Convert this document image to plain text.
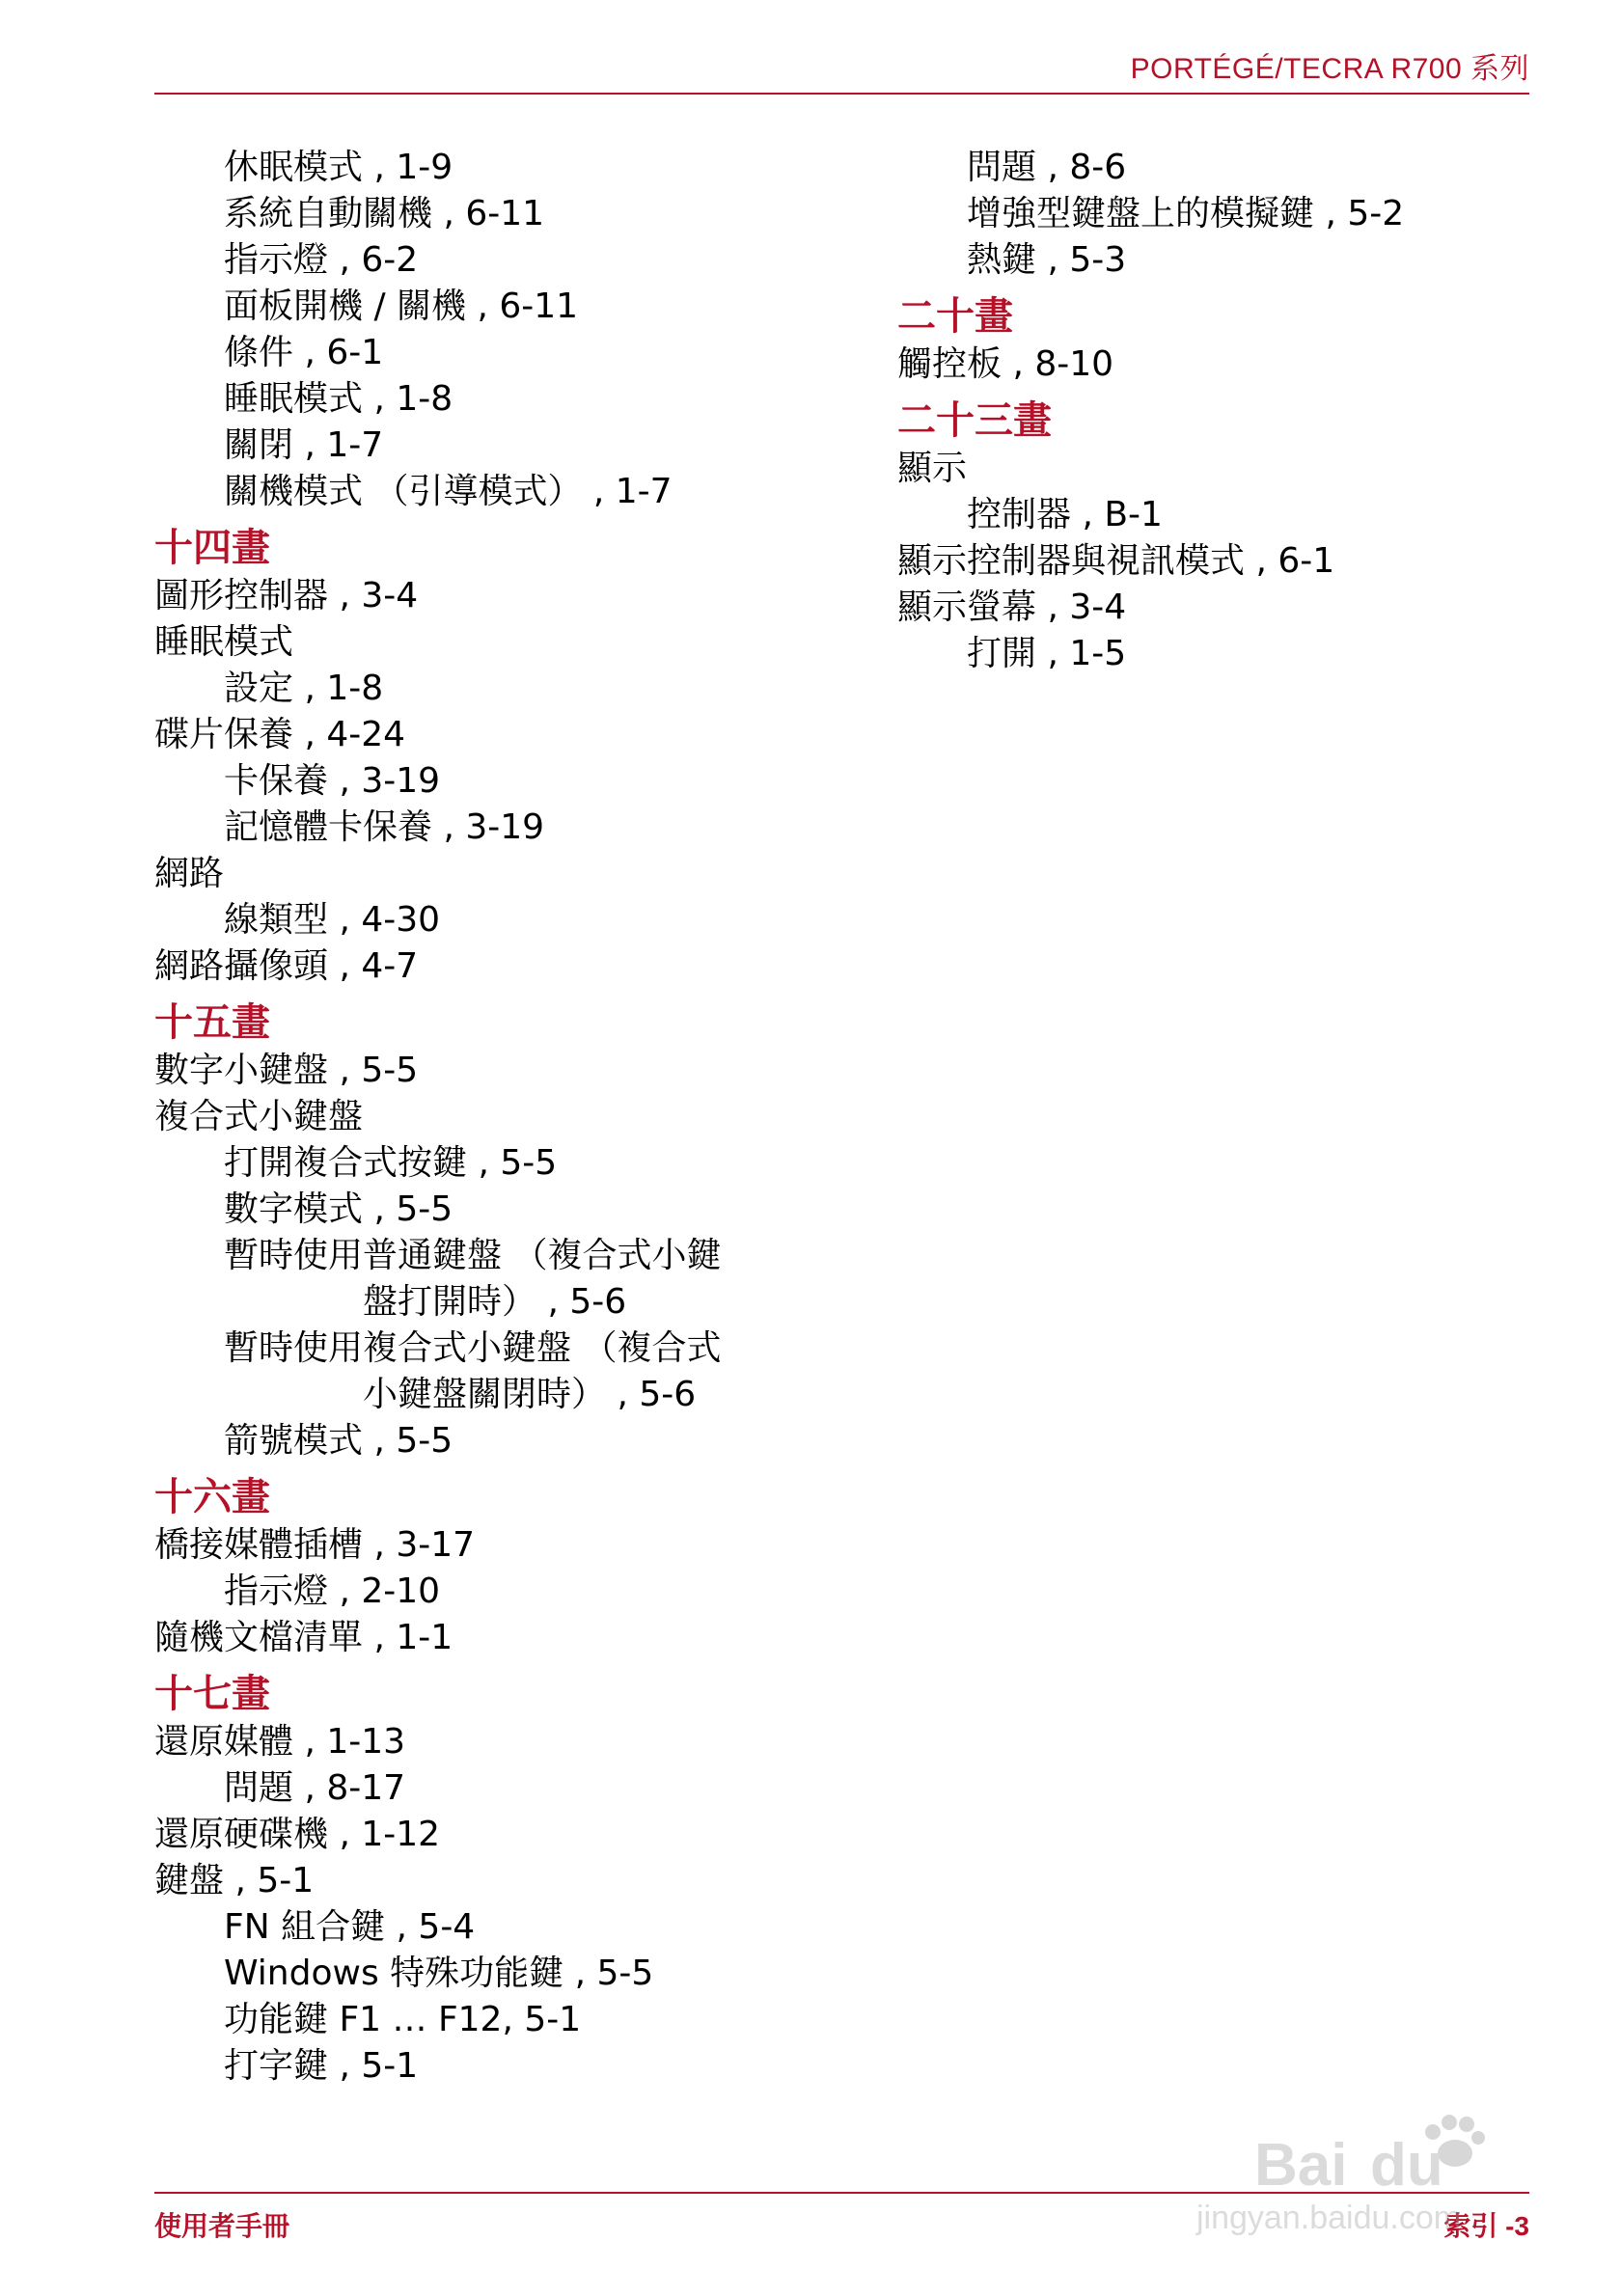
PORTÉGÉ/TECRA R700 系列
休眠模式 , 1-9
系統自動關機 , 6-11
指示燈 , 6-2
面板開機 / 關機 , 6-11
條件 , 6-1
睡眠模式 , 1-8
關閉 , 1-7
關機模式 （引導模式） , 1-7
十四畫
圖形控制器 , 3-4
睡眠模式
設定 , 1-8
碟片保養 , 4-24
卡保養 , 3-19
記憶體卡保養 , 3-19
網路
線類型 , 4-30
網路攝像頭 , 4-7
十五畫
數字小鍵盤 , 5-5
複合式小鍵盤
打開複合式按鍵 , 5-5
數字模式 , 5-5
暫時使用普通鍵盤 （複合式小鍵
盤打開時） , 5-6
暫時使用複合式小鍵盤 （複合式
小鍵盤關閉時） , 5-6
箭號模式 , 5-5
十六畫
橋接媒體插槽 , 3-17
指示燈 , 2-10
隨機文檔清單 , 1-1
十七畫
還原媒體 , 1-13
問題 , 8-17
還原硬碟機 , 1-12
鍵盤 , 5-1
FN 組合鍵 , 5-4
Windows 特殊功能鍵 , 5-5
功能鍵 F1 … F12, 5-1
打字鍵 , 5-1
問題 , 8-6
增強型鍵盤上的模擬鍵 , 5-2
熱鍵 , 5-3
二十畫
觸控板 , 8-10
二十三畫
顯示
控制器 , B-1
顯示控制器與視訊模式 , 6-1
顯示螢幕 , 3-4
打開 , 1-5
使用者手冊	索引 -3
Bai du
jingyan.baidu.com
